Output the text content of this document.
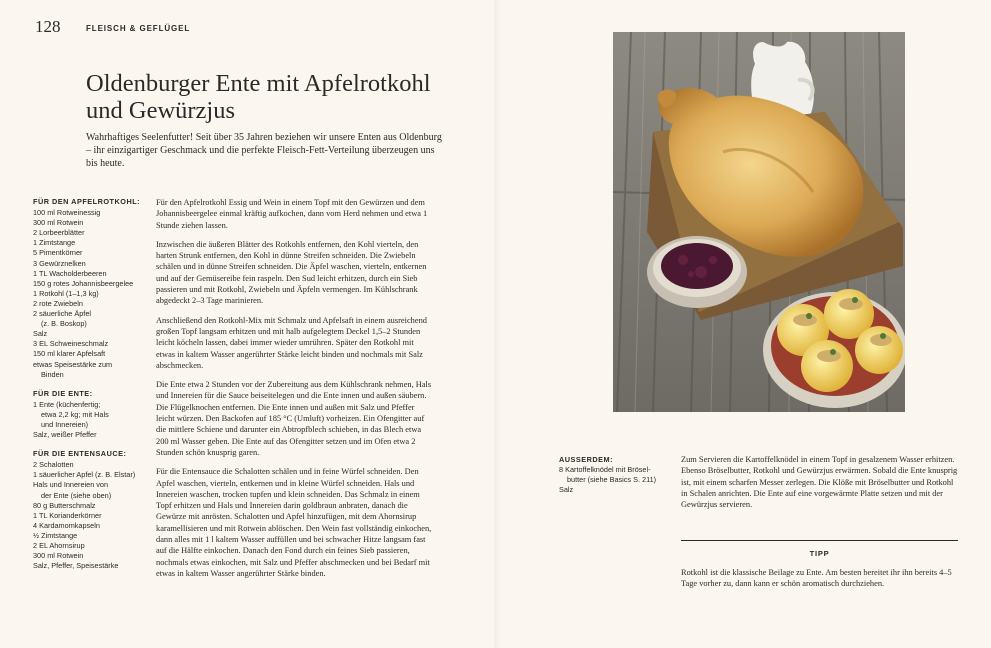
128	FLEISCH & GEFLÜGEL
Oldenburger Ente mit Apfelrotkohl und Gewürzjus

Wahrhaftiges Seelenfutter! Seit über 35 Jahren beziehen wir unsere Enten aus Oldenburg – ihr einzigartiger Geschmack und die perfekte Fleisch-Fett-Verteilung überzeugen uns bis heute.

FÜR DEN APFELROTKOHL:

100 ml Rotweinessig

300 ml Rotwein

2 Lorbeerblätter

1 Zimtstange

5 Pimentkörner

3 Gewürznelken

1 TL Wacholderbeeren

150 g rotes Johannisbeergelee

1 Rotkohl (1–1,3 kg)

2 rote Zwiebeln

2 säuerliche Äpfel

(z. B. Boskop)

Salz

3 EL Schweineschmalz

150 ml klarer Apfelsaft

etwas Speisestärke zum

Binden

FÜR DIE ENTE:

1 Ente (küchenfertig;

etwa 2,2 kg; mit Hals

und Innereien)

Salz, weißer Pfeffer

FÜR DIE ENTENSAUCE:

2 Schalotten

1 säuerlicher Apfel (z. B. Elstar)

Hals und Innereien von

der Ente (siehe oben)

80 g Butterschmalz

1 TL Korianderkörner

4 Kardamomkapseln

½ Zimtstange

2 EL Ahornsirup

300 ml Rotwein

Salz, Pfeffer, Speisestärke

Für den Apfelrotkohl Essig und Wein in einem Topf mit den Gewürzen und dem Johannisbeergelee einmal kräftig aufkochen, dann vom Herd nehmen und etwa 1 Stunde ziehen lassen.

Inzwischen die äußeren Blätter des Rotkohls entfernen, den Kohl vierteln, den harten Strunk entfernen, den Kohl in dünne Streifen schneiden. Die Zwiebeln schälen und in dünne Streifen schneiden. Die Äpfel waschen, vierteln, entkernen und auf der Gemüsereibe fein raspeln. Den Sud leicht erhitzen, durch ein Sieb passieren und mit Rotkohl, Zwiebeln und Äpfeln vermengen. Im Kühlschrank abgedeckt 2–3 Tage marinieren.

Anschließend den Rotkohl-Mix mit Schmalz und Apfelsaft in einem ausreichend großen Topf langsam erhitzen und mit halb aufgelegtem Deckel 1,5–2 Stunden leicht köcheln lassen, dabei immer wieder umrühren. Später den Rotkohl mit etwas in kaltem Wasser angerührter Stärke leicht binden und nochmals mit Salz abschmecken.

Die Ente etwa 2 Stunden vor der Zubereitung aus dem Kühlschrank nehmen, Hals und Innereien für die Sauce beiseitelegen und die Ente innen und außen säubern. Die Flügelknochen entfernen. Die Ente innen und außen mit Salz und Pfeffer leicht würzen. Den Backofen auf 185 °C (Umluft) vorheizen. Ein Ofengitter auf die mittlere Schiene und darunter ein Abtropfblech schieben, in das Blech etwa 200 ml Wasser geben. Die Ente auf das Ofengitter setzen und im Ofen etwa 2 Stunden schön knusprig garen.

Für die Entensauce die Schalotten schälen und in feine Würfel schneiden. Den Apfel waschen, vierteln, entkernen und in kleine Würfel schneiden. Hals und Innereien waschen, trocken tupfen und klein schneiden. Das Schmalz in einem Topf erhitzen und Hals und Innereien darin goldbraun anbraten, danach die Gewürze mit anrösten. Schalotten und Apfel hinzufügen, mit dem Ahornsirup karamellisieren und mit Rotwein ablöschen. Den Wein fast vollständig einkochen, dann alles mit 1 l kaltem Wasser auffüllen und bei schwacher Hitze langsam fast auf die Hälfte einkochen. Danach den Fond durch ein feines Sieb passieren, nochmals etwas einkochen, mit Salz und Pfeffer abschmecken und bei Bedarf mit etwas in kaltem Wasser angerührter Stärke binden.

AUSSERDEM:

8 Kartoffelknödel mit Brösel-

butter (siehe Basics S. 211)

Salz

Zum Servieren die Kartoffelknödel in einem Topf in gesalzenem Wasser erhitzen. Ebenso Bröselbutter, Rotkohl und Gewürzjus erwärmen. Sobald die Ente knusprig ist, mit einem scharfen Messer zerlegen. Die Klöße mit Bröselbutter und Rotkohl in Schalen anrichten. Die Ente auf eine vorgewärmte Platte setzen und mit der Gewürzjus servieren.

TIPP

Rotkohl ist die klassische Beilage zu Ente. Am besten bereitet ihr ihn bereits 4–5 Tage vorher zu, dann kann er schön aromatisch durchziehen.
